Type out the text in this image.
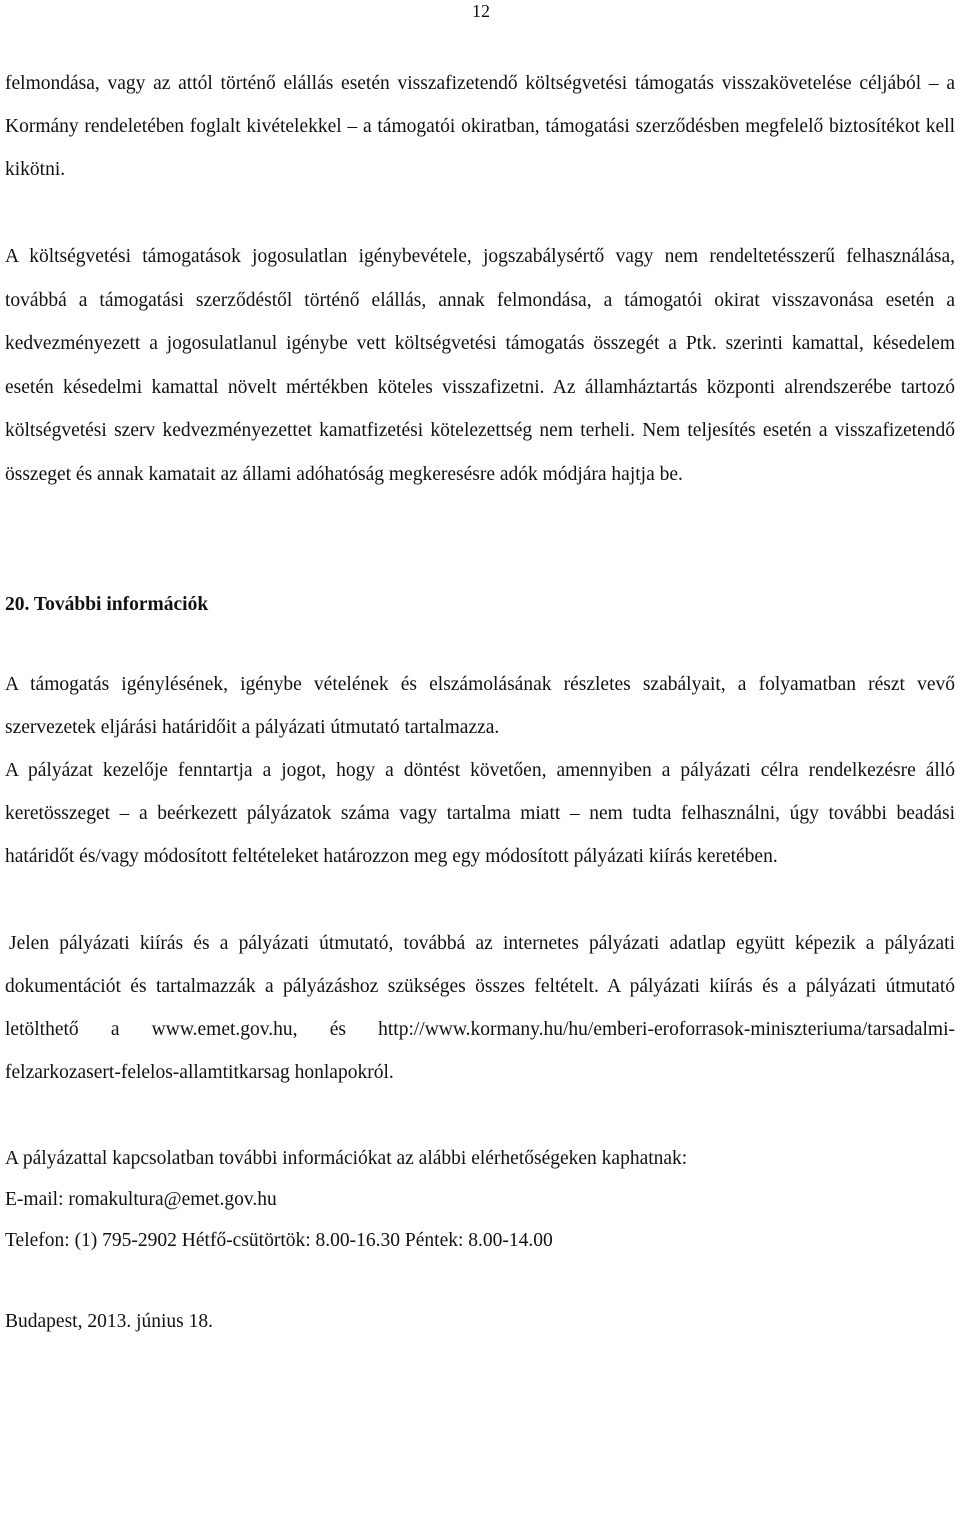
12

felmondása, vagy az attól történő elállás esetén visszafizetendő költségvetési támogatás visszakövetelése céljából – a Kormány rendeletében foglalt kivételekkel – a támogatói okiratban, támogatási szerződésben megfelelő biztosítékot kell kikötni.

A költségvetési támogatások jogosulatlan igénybevétele, jogszabálysértő vagy nem rendeltetésszerű felhasználása, továbbá a támogatási szerződéstől történő elállás, annak felmondása, a támogatói okirat visszavonása esetén a kedvezményezett a jogosulatlanul igénybe vett költségvetési támogatás összegét a Ptk. szerinti kamattal, késedelem esetén késedelmi kamattal növelt mértékben köteles visszafizetni. Az államháztartás központi alrendszerébe tartozó költségvetési szerv kedvezményezettet kamatfizetési kötelezettség nem terheli. Nem teljesítés esetén a visszafizetendő összeget és annak kamatait az állami adóhatóság megkeresésre adók módjára hajtja be.

20. További információk

A támogatás igénylésének, igénybe vételének és elszámolásának részletes szabályait, a folyamatban részt vevő szervezetek eljárási határidőit a pályázati útmutató tartalmazza.

A pályázat kezelője fenntartja a jogot, hogy a döntést követően, amennyiben a pályázati célra rendelkezésre álló keretösszeget – a beérkezett pályázatok száma vagy tartalma miatt – nem tudta felhasználni, úgy további beadási határidőt és/vagy módosított feltételeket határozzon meg egy módosított pályázati kiírás keretében.

Jelen pályázati kiírás és a pályázati útmutató, továbbá az internetes pályázati adatlap együtt képezik a pályázati dokumentációt és tartalmazzák a pályázáshoz szükséges összes feltételt. A pályázati kiírás és a pályázati útmutató letölthető a www.emet.gov.hu, és http://www.kormany.hu/hu/emberi-eroforrasok-miniszteriuma/tarsadalmi-felzarkozasert-felelos-allamtitkarsag honlapokról.

A pályázattal kapcsolatban további információkat az alábbi elérhetőségeken kaphatnak:
E-mail: romakultura@emet.gov.hu
Telefon: (1) 795-2902 Hétfő-csütörtök: 8.00-16.30 Péntek: 8.00-14.00
Budapest, 2013. június 18.
